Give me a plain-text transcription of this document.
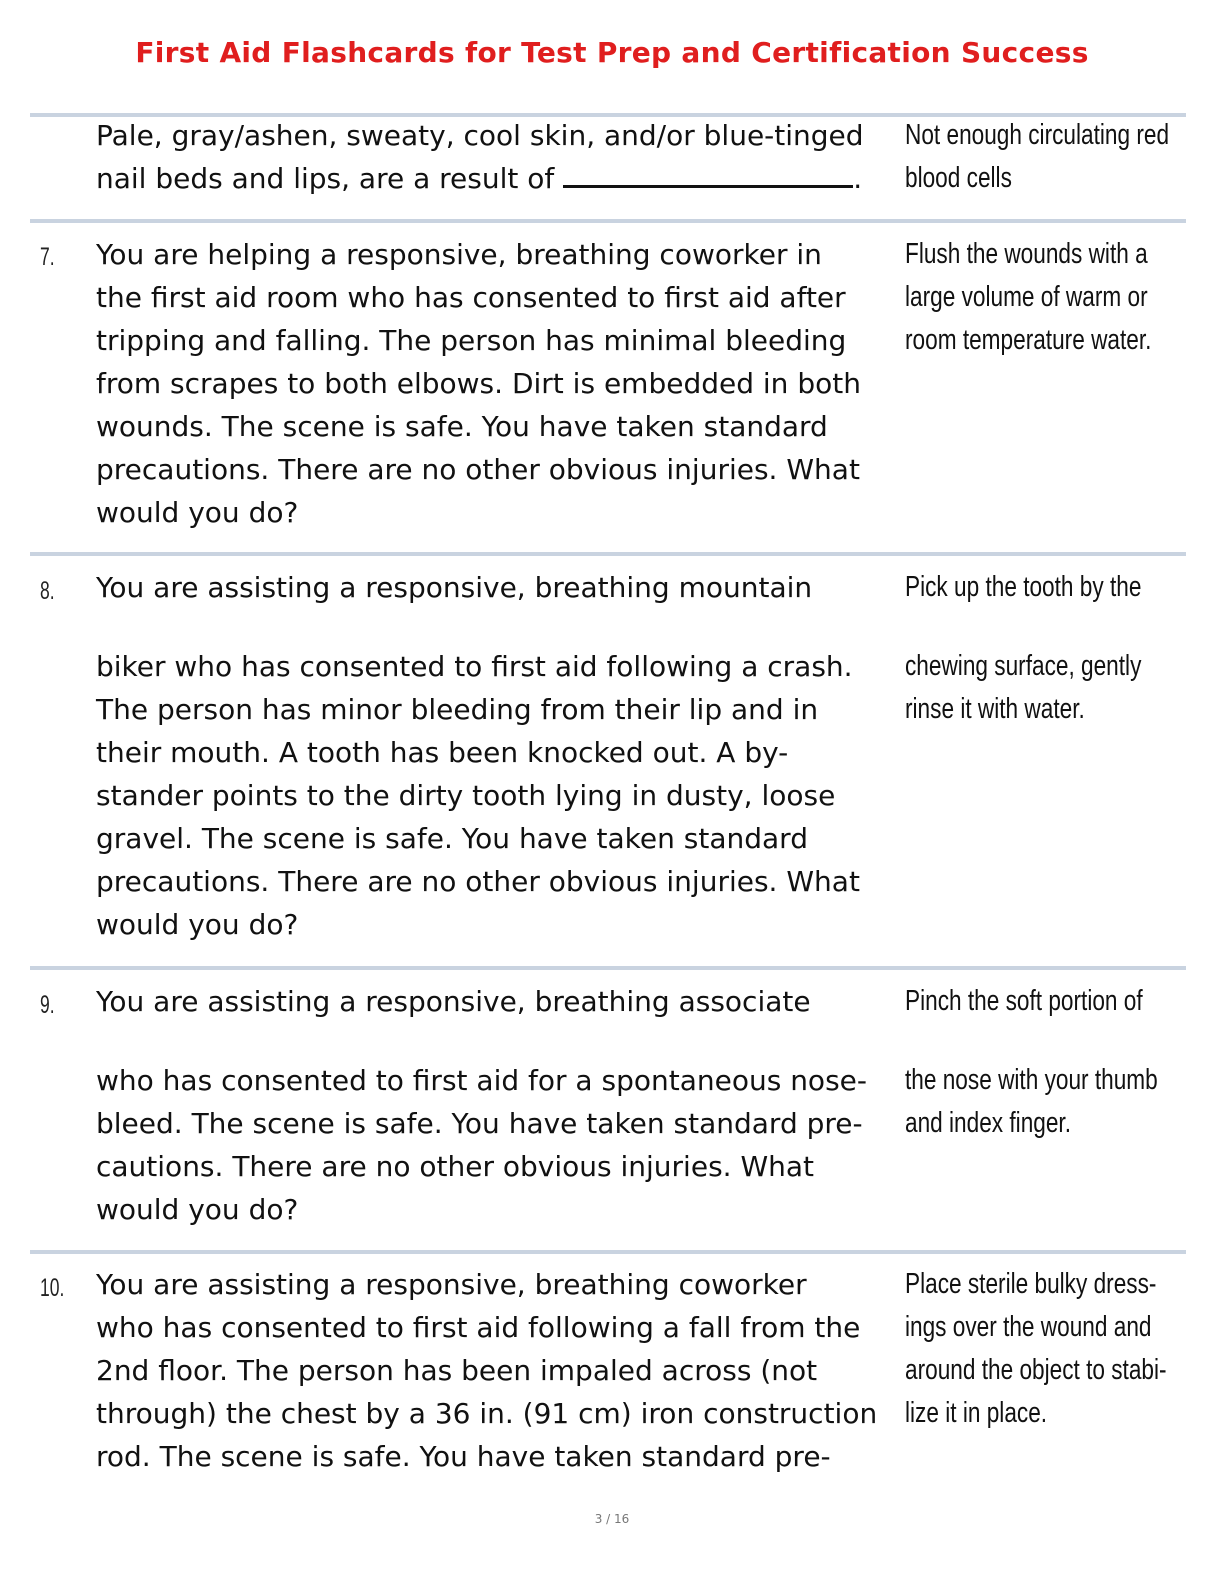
First Aid Flashcards for Test Prep and Certification Success

Pale, gray/ashen, sweaty, cool skin, and/or blue-tinged

nail beds and lips, are a result of	.

Not enough circulating red

blood cells

7. You are helping a responsive, breathing coworker in

the first aid room who has consented to first aid after

tripping and falling. The person has minimal bleeding

from scrapes to both elbows. Dirt is embedded in both

wounds. The scene is safe. You have taken standard

precautions. There are no other obvious injuries. What

would you do?

Flush the wounds with a

large volume of warm or

room temperature water.

8. You are assisting a responsive, breathing mountain

biker who has consented to first aid following a crash.

The person has minor bleeding from their lip and in

their mouth. A tooth has been knocked out. A by-

stander points to the dirty tooth lying in dusty, loose

gravel. The scene is safe. You have taken standard

precautions. There are no other obvious injuries. What

would you do?

Pick up the tooth by the

chewing surface, gently

rinse it with water.

9. You are assisting a responsive, breathing associate

who has consented to first aid for a spontaneous nose-

bleed. The scene is safe. You have taken standard pre-

cautions. There are no other obvious injuries. What

would you do?

Pinch the soft portion of

the nose with your thumb

and index finger.

10. You are assisting a responsive, breathing coworker

who has consented to first aid following a fall from the

2nd floor. The person has been impaled across (not

through) the chest by a 36 in. (91 cm) iron construction

rod. The scene is safe. You have taken standard pre-

Place sterile bulky dress-

ings over the wound and

around the object to stabi-

lize it in place.

3 / 16
